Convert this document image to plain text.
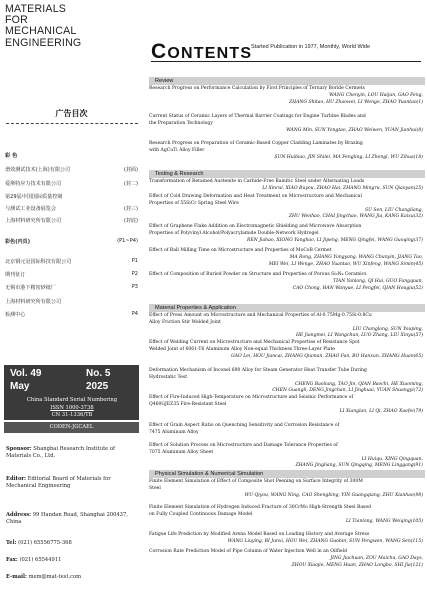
MATERIALS
FOR
MECHANICAL
ENGINEERING
广告目次
彩 色
谱效测试技术(上海)有限公司	(封面)
爱斯特应力技术有限公司	(封二)
第29届中国国际质量控制
与测试工业设备展览会	(封三)
上海材料研究所有限公司	(封底)
彩色(内页)	(P1~P4)
北京钢元冠国际科技有限公司	P1
期刊征订	P2
无锡市港下精密砂纸厂	P3
上海材料研究所有限公司
检测中心	P4
Vol. 49	No. 5
May	2025
China Standard Serial Numbering
ISSN 1000-3738
CN 31-1336/TB
CODEN-JGCAEL
Sponsor: Shanghai Research Institute of Materials Co., Ltd.
Editor: Editorial Board of Materials for Mechanical Engineering
Address: 99 Handan Road, Shanghai 200437, China
Tel: (021) 65556775-368
Fax: (021) 65544911
E-mail: mem@mat-test.com
CONTENTS
Started Publication in 1977, Monthly, World Wide
Review
Research Progress on Performance Calculation by First Principles of Ternary Boride Cermets
WANG Chenyin, LOU Haijun, GAO Feng,
ZHANG Shitao, HU Zhaowei, LI Wenge, ZHAO Yuantao(1)
Current Status of Ceramic Layers of Thermal Barrier Coatings for Engine Turbine Blades and
the Preparation Technology
WANG Min, SUN Yongtao, ZHAO Weiwen, YUAN Jianhui(8)
Research Progress on Preparation of Ceramic-Based Copper Cladding Laminates by Brazing
with AgCuTi Alloy Filler
SUN Huibiao, JIN Shilei, MA Fengling, LI Zhengi, WU Zihua(18)
Testing & Research
Transformation of Retained Austenite in Carbide-Free Bainitic Steel under Alternating Loads
LI Xinrui, XIAO Buyou, ZHAO Hai, ZHANG Mingru, SUN Qiaoyan(25)
Effect of Cold Drawing Deformation and Heat Treatment on Microstructure and Mechanical
Properties of 55SiCr Spring Steel Wire
SU Sen, LIU Changliang,
ZHU Wenhao, CHAI Jingchao, WANG Jia, KANG Kaixu(32)
Effect of Graphene Flake Addition on Electromagnetic Shielding and Microwave Absorption
Properties of Polyvinyl Alcohol/Polyacrylamide Double-Network Hydrogel
REN Jiahao, XIONG Yanghao, LI Jipeng, MENG Qingfei, WANG Guoqing(37)
Effect of Ball Milling Time on Microstructure and Properties of MoCoB Cermet
MA Rong, ZHANG Yongyang, WANG Chunyin, JIANG Tao,
MEI Wei, LI Wenge, ZHAO Yuantao, WU Xinfeng, WANG Simin(45)
Effect of Composition of Buried Powder on Structure and Properties of Porous Si₃N₄ Ceramics
TIAN Yanlong, QI Hui, GUO Fangquan,
CAO Chong, HAN Wanyue, LI Pengfei, QIAN Hougiu(52)
Material Properties & Application
Effect of Press Amount on Microstructure and Mechanical Properties of Al-0.75Mg-0.75Si-0.8Cu
Alloy Friction Stir Welded Joint
LIU Changlong, SUN Youping,
HE Jiangmei, LI Wangchun, LUO Zhang, LIU Xinyu(57)
Effect of Welding Current on Microstructure and Mechanical Properties of Resistance Spot
Welded Joint of 6061-T6 Aluminum Alloy Non-equal Thickness Three-Layer Plate
GAO Lei, HOU Jiancai, ZHANG Qiuman, ZHAO Fan, BO Hanxun, ZHANG Huan(65)
Deformation Mechanism of Inconel 690 Alloy for Steam Generator Heat Transfer Tube During
Hydrostatic Test
CHENG Baoliang, TAO Jin, QIAN Baochi, HE Xiaoming,
CHEN Guangli, DENG Jingchan, LI Jinghuai, YUAN Shuangyi(72)
Effect of Fire-Induced High-Temperature on Microstructure and Seismic Performance of
Q460GJEZ35 Fire-Resistant Steel
LI Xianglan, LI Qi, ZHAO Xuefei(79)
Effect of Grain Aspect Ratio on Quenching Sensitivity and Corrosion Resistance of
7475 Aluminum Alloy
Effect of Solution Process on Microstructure and Damage Tolerance Properties of
7075 Aluminum Alloy Sheet
LI Huiqu, XING Qingquan,
ZHANG Jingliang, SUN Qingqing, MENG Linggang(91)
Physical Simulation & Numerical Simulation
Finite Element Simulation of Effect of Composite Shot Peening on Surface Integrity of 300M
Steel
WU Qiyou, WANG Ning, CAO Shengbing, YIN Guangqiang, ZHU Xianhao(98)
Finite Element Simulation of Hydrogen Induced Fracture of 30CrMo High-Strength Steel Based
on Fully Coupled Continuous Damage Model
LI Tianlong, WANG Weiqing(105)
Fatigue Life Prediction by Modified Arena Model Based on Loading History and Average Stress
WANG Liuying, BI Junxi, HOU Wei, ZHANG Guobin, SUN Pengwen, WANG Sen(115)
Corrosion Rate Prediction Model of Pipe Column of Water Injection Well in an Oilfield
JING Jiachuan, ZOU Maichu, GAO Days,
ZHOU Xiaojie, MENG Huan, ZHAO Longbo, SHI Jia(121)
